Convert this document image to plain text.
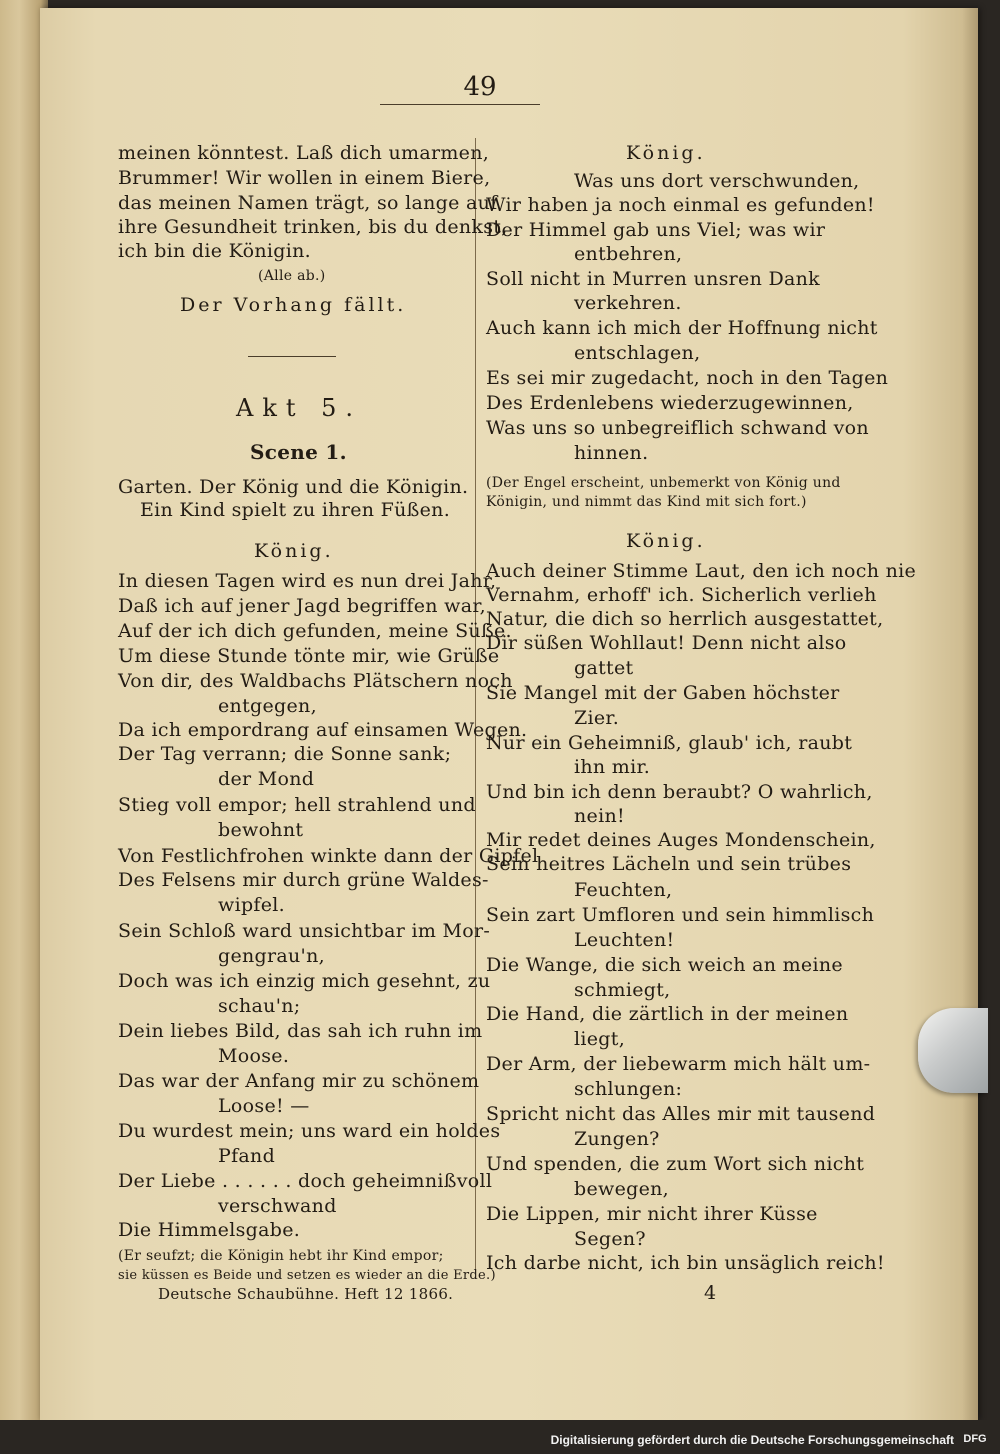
49
meinen könntest. Laß dich umarmen,
Brummer! Wir wollen in einem Biere,
das meinen Namen trägt, so lange auf
ihre Gesundheit trinken, bis du denkst,
ich bin die Königin.
(Alle ab.)
Der Vorhang fällt.
Akt 5.
Scene 1.
Garten. Der König und die Königin.
Ein Kind spielt zu ihren Füßen.
König.
In diesen Tagen wird es nun drei Jahr,
Daß ich auf jener Jagd begriffen war,
Auf der ich dich gefunden, meine Süße.
Um diese Stunde tönte mir, wie Grüße
Von dir, des Waldbachs Plätschern noch
entgegen,
Da ich empordrang auf einsamen Wegen.
Der Tag verrann; die Sonne sank;
der Mond
Stieg voll empor; hell strahlend und
bewohnt
Von Festlichfrohen winkte dann der Gipfel
Des Felsens mir durch grüne Waldes-
wipfel.
Sein Schloß ward unsichtbar im Mor-
gengrau'n,
Doch was ich einzig mich gesehnt, zu
schau'n;
Dein liebes Bild, das sah ich ruhn im
Moose.
Das war der Anfang mir zu schönem
Loose! —
Du wurdest mein; uns ward ein holdes
Pfand
Der Liebe . . . . . . doch geheimnißvoll
verschwand
Die Himmelsgabe.
(Er seufzt; die Königin hebt ihr Kind empor;
sie küssen es Beide und setzen es wieder an die Erde.)
Deutsche Schaubühne. Heft 12 1866.
König.
Was uns dort verschwunden,
Wir haben ja noch einmal es gefunden!
Der Himmel gab uns Viel; was wir
entbehren,
Soll nicht in Murren unsren Dank
verkehren.
Auch kann ich mich der Hoffnung nicht
entschlagen,
Es sei mir zugedacht, noch in den Tagen
Des Erdenlebens wiederzugewinnen,
Was uns so unbegreiflich schwand von
hinnen.
(Der Engel erscheint, unbemerkt von König und
Königin, und nimmt das Kind mit sich fort.)
König.
Auch deiner Stimme Laut, den ich noch nie
Vernahm, erhoff' ich. Sicherlich verlieh
Natur, die dich so herrlich ausgestattet,
Dir süßen Wohllaut! Denn nicht also
gattet
Sie Mangel mit der Gaben höchster
Zier.
Nur ein Geheimniß, glaub' ich, raubt
ihn mir.
Und bin ich denn beraubt? O wahrlich,
nein!
Mir redet deines Auges Mondenschein,
Sein heitres Lächeln und sein trübes
Feuchten,
Sein zart Umfloren und sein himmlisch
Leuchten!
Die Wange, die sich weich an meine
schmiegt,
Die Hand, die zärtlich in der meinen
liegt,
Der Arm, der liebewarm mich hält um-
schlungen:
Spricht nicht das Alles mir mit tausend
Zungen?
Und spenden, die zum Wort sich nicht
bewegen,
Die Lippen, mir nicht ihrer Küsse
Segen?
Ich darbe nicht, ich bin unsäglich reich!
4
Digitalisierung gefördert durch die Deutsche Forschungsgemeinschaft DFG
